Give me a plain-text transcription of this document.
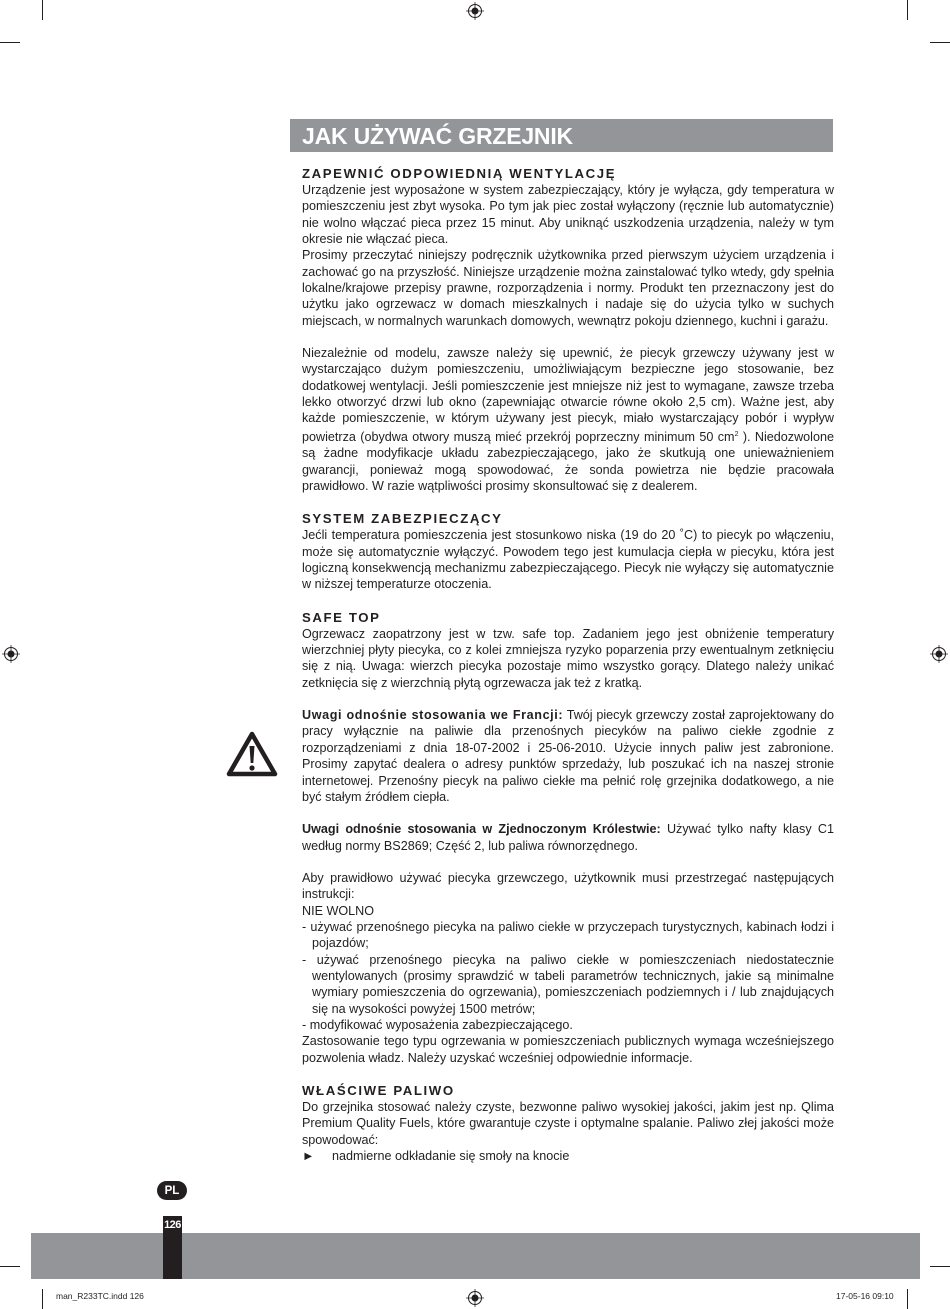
JAK UŻYWAĆ GRZEJNIK
ZAPEWNIĆ ODPOWIEDNIĄ WENTYLACJĘ

Urządzenie jest wyposażone w system zabezpieczający, który je wyłącza, gdy temperatura w pomieszczeniu jest zbyt wysoka. Po tym jak piec został wyłączony (ręcznie lub automatycznie) nie wolno włączać pieca przez 15 minut. Aby uniknąć uszkodzenia urządzenia, należy w tym okresie nie włączać pieca.

Prosimy przeczytać niniejszy podręcznik użytkownika przed pierwszym użyciem urządzenia i zachować go na przyszłość. Niniejsze urządzenie można zainstalować tylko wtedy, gdy spełnia lokalne/krajowe przepisy prawne, rozporządzenia i normy. Produkt ten przeznaczony jest do użytku jako ogrzewacz w domach mieszkalnych i nadaje się do użycia tylko w suchych miejscach, w normalnych warunkach domowych, wewnątrz pokoju dziennego, kuchni i garażu.

Niezależnie od modelu, zawsze należy się upewnić, że piecyk grzewczy używany jest w wystarczająco dużym pomieszczeniu, umożliwiającym bezpieczne jego stosowanie, bez dodatkowej wentylacji. Jeśli pomieszczenie jest mniejsze niż jest to wymagane, zawsze trzeba lekko otworzyć drzwi lub okno (zapewniając otwarcie równe około 2,5 cm). Ważne jest, aby każde pomieszczenie, w którym używany jest piecyk, miało wystarczający pobór i wypływ powietrza (obydwa otwory muszą mieć przekrój poprzeczny minimum 50 $cm^2$ ). Niedozwolone są żadne modyfikacje układu zabezpieczającego, jako że skutkują one unieważnieniem gwarancji, ponieważ mogą spowodować, że sonda powietrza nie będzie pracowała prawidłowo. W razie wątpliwości prosimy skonsultować się z dealerem.

SYSTEM ZABEZPIECZĄCY

Jećli temperatura pomieszczenia jest stosunkowo niska (19 do 20 ˚C) to piecyk po włączeniu, może się automatycznie wyłączyć. Powodem tego jest kumulacja ciepła w piecyku, która jest logiczną konsekwencją mechanizmu zabezpieczającego. Piecyk nie wyłączy się automatycznie w niższej temperaturze otoczenia.

SAFE TOP

Ogrzewacz zaopatrzony jest w tzw. safe top. Zadaniem jego jest obniżenie temperatury wierzchniej płyty piecyka, co z kolei zmniejsza ryzyko poparzenia przy ewentualnym zetknięciu się z nią. Uwaga: wierzch piecyka pozostaje mimo wszystko gorący. Dlatego należy unikać zetknięcia się z wierzchnią płytą ogrzewacza jak też z kratką.

Uwagi odnośnie stosowania we Francji: Twój piecyk grzewczy został zaprojektowany do pracy wyłącznie na paliwie dla przenośnych piecyków na paliwo ciekłe zgodnie z rozporządzeniami z dnia 18-07-2002 i 25-06-2010. Użycie innych paliw jest zabronione. Prosimy zapytać dealera o adresy punktów sprzedaży, lub poszukać ich na naszej stronie internetowej. Przenośny piecyk na paliwo ciekłe ma pełnić rolę grzejnika dodatkowego, a nie być stałym źródłem ciepła.

Uwagi odnośnie stosowania w Zjednoczonym Królestwie: Używać tylko nafty klasy C1 według normy BS2869; Część 2, lub paliwa równorzędnego.

Aby prawidłowo używać piecyka grzewczego, użytkownik musi przestrzegać następujących instrukcji:

NIE WOLNO

- używać przenośnego piecyka na paliwo ciekłe w przyczepach turystycznych, kabinach łodzi i pojazdów;

- używać przenośnego piecyka na paliwo ciekłe w pomieszczeniach niedostatecznie wentylowanych (prosimy sprawdzić w tabeli parametrów technicznych, jakie są minimalne wymiary pomieszczenia do ogrzewania), pomieszczeniach podziemnych i / lub znajdujących się na wysokości powyżej 1500 metrów;

- modyfikować wyposażenia zabezpieczającego.

Zastosowanie tego typu ogrzewania w pomieszczeniach publicznych wymaga wcześniejszego pozwolenia władz. Należy uzyskać wcześniej odpowiednie informacje.

WŁAŚCIWE PALIWO

Do grzejnika stosować należy czyste, bezwonne paliwo wysokiej jakości, jakim jest np. Qlima Premium Quality Fuels, które gwarantuje czyste i optymalne spalanie. Paliwo złej jakości może spowodować:

►	nadmierne odkładanie się smoły na knocie
PL
126
man_R233TC.indd 126	17-05-16 09:10
